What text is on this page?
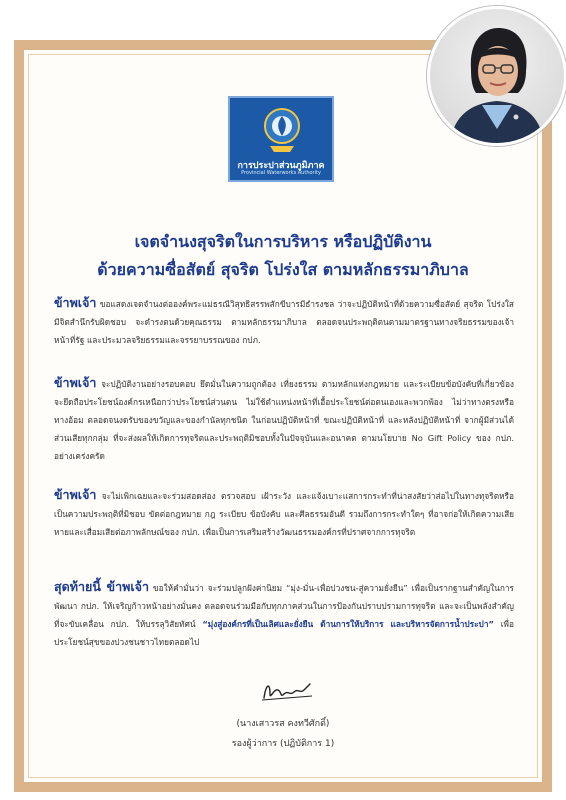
การประปาส่วนภูมิภาค
Provincial Waterworks Authority
เจตจำนงสุจริตในการบริหาร หรือปฏิบัติงาน
ด้วยความซื่อสัตย์ สุจริต โปร่งใส ตามหลักธรรมาภิบาล
ข้าพเจ้า ขอแสดงเจตจำนงต่อองค์พระแม่ธรณีวิสุทธิสรรพสักขีบารมีธำรงชล ว่าจะปฏิบัติหน้าที่ด้วยความซื่อสัตย์ สุจริต โปร่งใส มีจิตสำนึกรับผิดชอบ จะดำรงตนด้วยคุณธรรม ตามหลักธรรมาภิบาล ตลอดจนประพฤติตนตามมาตรฐานทางจริยธรรมของเจ้าหน้าที่รัฐ และประมวลจริยธรรมและจรรยาบรรณของ กปภ.
ข้าพเจ้า จะปฏิบัติงานอย่างรอบคอบ ยึดมั่นในความถูกต้อง เที่ยงธรรม ตามหลักแห่งกฎหมาย และระเบียบข้อบังคับที่เกี่ยวข้อง จะยึดถือประโยชน์องค์กรเหนือกว่าประโยชน์ส่วนตน ไม่ใช้ตำแหน่งหน้าที่เอื้อประโยชน์ต่อตนเองและพวกพ้อง ไม่ว่าทางตรงหรือทางอ้อม ตลอดจนงดรับของขวัญและของกำนัลทุกชนิด ในก่อนปฏิบัติหน้าที่ ขณะปฏิบัติหน้าที่ และหลังปฏิบัติหน้าที่ จากผู้มีส่วนได้ส่วนเสียทุกกลุ่ม ที่จะส่งผลให้เกิดการทุจริตและประพฤติมิชอบทั้งในปัจจุบันและอนาคต ตามนโยบาย No Gift Policy ของ กปภ. อย่างเคร่งครัด
ข้าพเจ้า จะไม่เพิกเฉยและจะร่วมสอดส่อง ตรวจสอบ เฝ้าระวัง และแจ้งเบาะแสการกระทำที่น่าสงสัยว่าส่อไปในทางทุจริตหรือเป็นความประพฤติที่มิชอบ ขัดต่อกฎหมาย กฎ ระเบียบ ข้อบังคับ และศีลธรรมอันดี รวมถึงการกระทำใดๆ ที่อาจก่อให้เกิดความเสียหายและเสื่อมเสียต่อภาพลักษณ์ของ กปภ. เพื่อเป็นการเสริมสร้างวัฒนธรรมองค์กรที่ปราศจากการทุจริต
สุดท้ายนี้ ข้าพเจ้า ขอให้คำมั่นว่า จะร่วมปลูกฝังค่านิยม “มุ่ง-มั่น-เพื่อปวงชน-สู่ความยั่งยืน” เพื่อเป็นรากฐานสำคัญในการพัฒนา กปภ. ให้เจริญก้าวหน้าอย่างมั่นคง ตลอดจนร่วมมือกับทุกภาคส่วนในการป้องกันปราบปรามการทุจริต และจะเป็นพลังสำคัญที่จะขับเคลื่อน กปภ. ให้บรรลุวิสัยทัศน์ “มุ่งสู่องค์กรที่เป็นเลิศและยั่งยืน ด้านการให้บริการ และบริหารจัดการน้ำประปา” เพื่อประโยชน์สุขของปวงชนชาวไทยตลอดไป
(นางเสาวรส คงทวีศักดิ์)
รองผู้ว่าการ (ปฏิบัติการ 1)
